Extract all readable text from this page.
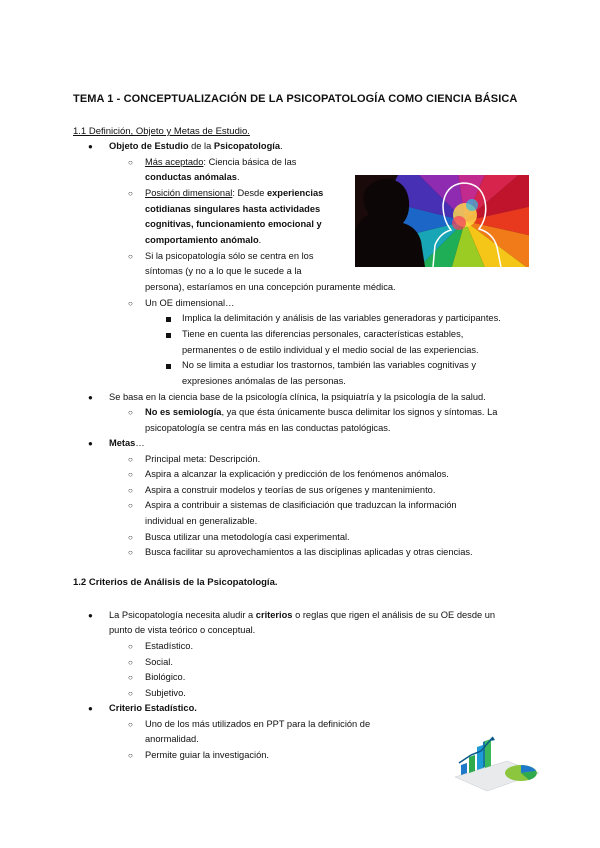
TEMA 1 - CONCEPTUALIZACIÓN DE LA PSICOPATOLOGÍA COMO CIENCIA BÁSICA
1.1 Definición, Objeto y Metas de Estudio.
● Objeto de Estudio de la Psicopatología.
○ Más aceptado: Ciencia básica de las
conductas anómalas.
○ Posición dimensional: Desde experiencias
cotidianas singulares hasta actividades
cognitivas, funcionamiento emocional y
comportamiento anómalo.
○ Si la psicopatología sólo se centra en los
síntomas (y no a lo que le sucede a la
persona), estaríamos en una concepción puramente médica.
○ Un OE dimensional…
Implica la delimitación y análisis de las variables generadoras y participantes.
Tiene en cuenta las diferencias personales, características estables,
permanentes o de estilo individual y el medio social de las experiencias.
No se limita a estudiar los trastornos, también las variables cognitivas y
expresiones anómalas de las personas.
● Se basa en la ciencia base de la psicología clínica, la psiquiatría y la psicología de la salud.
○ No es semiología, ya que ésta únicamente busca delimitar los signos y síntomas. La
psicopatología se centra más en las conductas patológicas.
● Metas…
○ Principal meta: Descripción.
○ Aspira a alcanzar la explicación y predicción de los fenómenos anómalos.
○ Aspira a construir modelos y teorías de sus orígenes y mantenimiento.
○ Aspira a contribuir a sistemas de clasificiación que traduzcan la información
individual en generalizable.
○ Busca utilizar una metodología casi experimental.
○ Busca facilitar su aprovechamientos a las disciplinas aplicadas y otras ciencias.
1.2 Criterios de Análisis de la Psicopatología.
● La Psicopatología necesita aludir a criterios o reglas que rigen el análisis de su OE desde un
punto de vista teórico o conceptual.
○ Estadístico.
○ Social.
○ Biológico.
○ Subjetivo.
● Criterio Estadístico.
○ Uno de los más utilizados en PPT para la definición de
anormalidad.
○ Permite guiar la investigación.
